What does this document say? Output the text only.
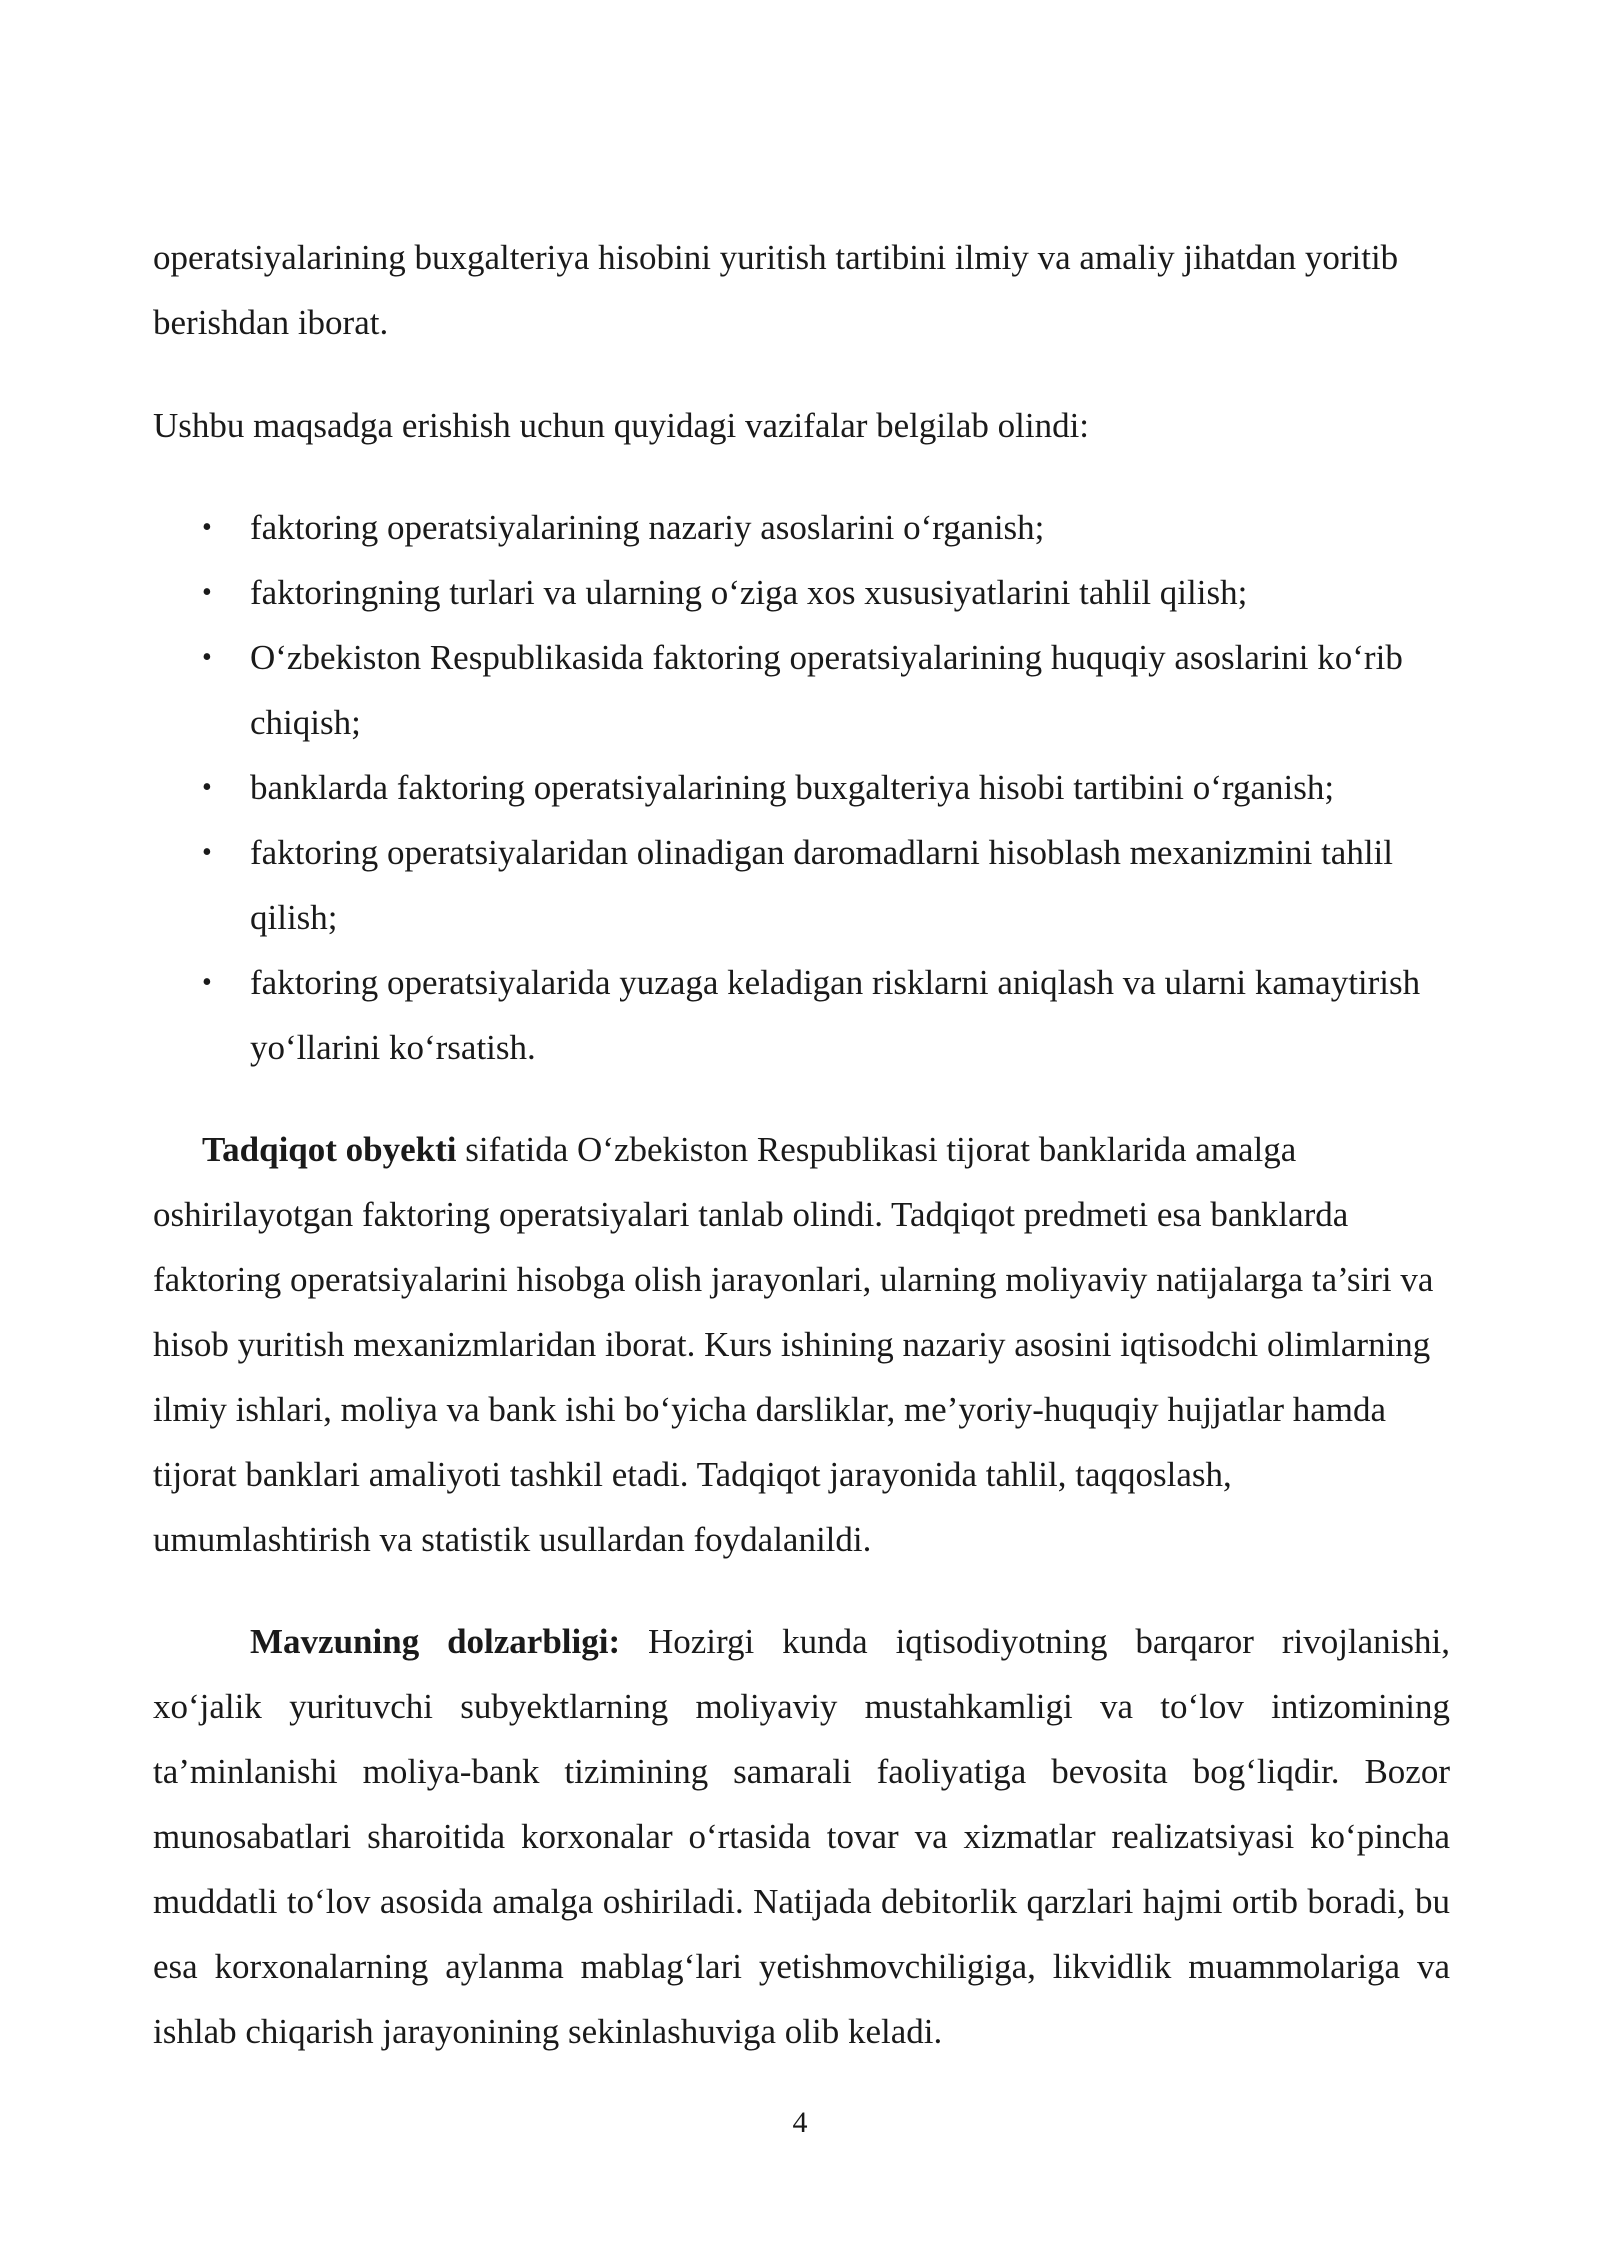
operatsiyalarining buxgalteriya hisobini yuritish tartibini ilmiy va amaliy jihatdan yoritib berishdan iborat.

Ushbu maqsadga erishish uchun quyidagi vazifalar belgilab olindi:

• faktoring operatsiyalarining nazariy asoslarini o‘rganish;
• faktoringning turlari va ularning o‘ziga xos xususiyatlarini tahlil qilish;
• O‘zbekiston Respublikasida faktoring operatsiyalarining huquqiy asoslarini ko‘rib chiqish;
• banklarda faktoring operatsiyalarining buxgalteriya hisobi tartibini o‘rganish;
• faktoring operatsiyalaridan olinadigan daromadlarni hisoblash mexanizmini tahlil qilish;
• faktoring operatsiyalarida yuzaga keladigan risklarni aniqlash va ularni kamaytirish yo‘llarini ko‘rsatish.

Tadqiqot obyekti sifatida O‘zbekiston Respublikasi tijorat banklarida amalga oshirilayotgan faktoring operatsiyalari tanlab olindi. Tadqiqot predmeti esa banklarda faktoring operatsiyalarini hisobga olish jarayonlari, ularning moliyaviy natijalarga ta’siri va hisob yuritish mexanizmlaridan iborat. Kurs ishining nazariy asosini iqtisodchi olimlarning ilmiy ishlari, moliya va bank ishi bo‘yicha darsliklar, me’yoriy-huquqiy hujjatlar hamda tijorat banklari amaliyoti tashkil etadi. Tadqiqot jarayonida tahlil, taqqoslash, umumlashtirish va statistik usullardan foydalanildi.

Mavzuning dolzarbligi: Hozirgi kunda iqtisodiyotning barqaror rivojlanishi, xo‘jalik yurituvchi subyektlarning moliyaviy mustahkamligi va to‘lov intizomining ta’minlanishi moliya-bank tizimining samarali faoliyatiga bevosita bog‘liqdir. Bozor munosabatlari sharoitida korxonalar o‘rtasida tovar va xizmatlar realizatsiyasi ko‘pincha muddatli to‘lov asosida amalga oshiriladi. Natijada debitorlik qarzlari hajmi ortib boradi, bu esa korxonalarning aylanma mablag‘lari yetishmovchiligiga, likvidlik muammolariga va ishlab chiqarish jarayonining sekinlashuviga olib keladi.

4
